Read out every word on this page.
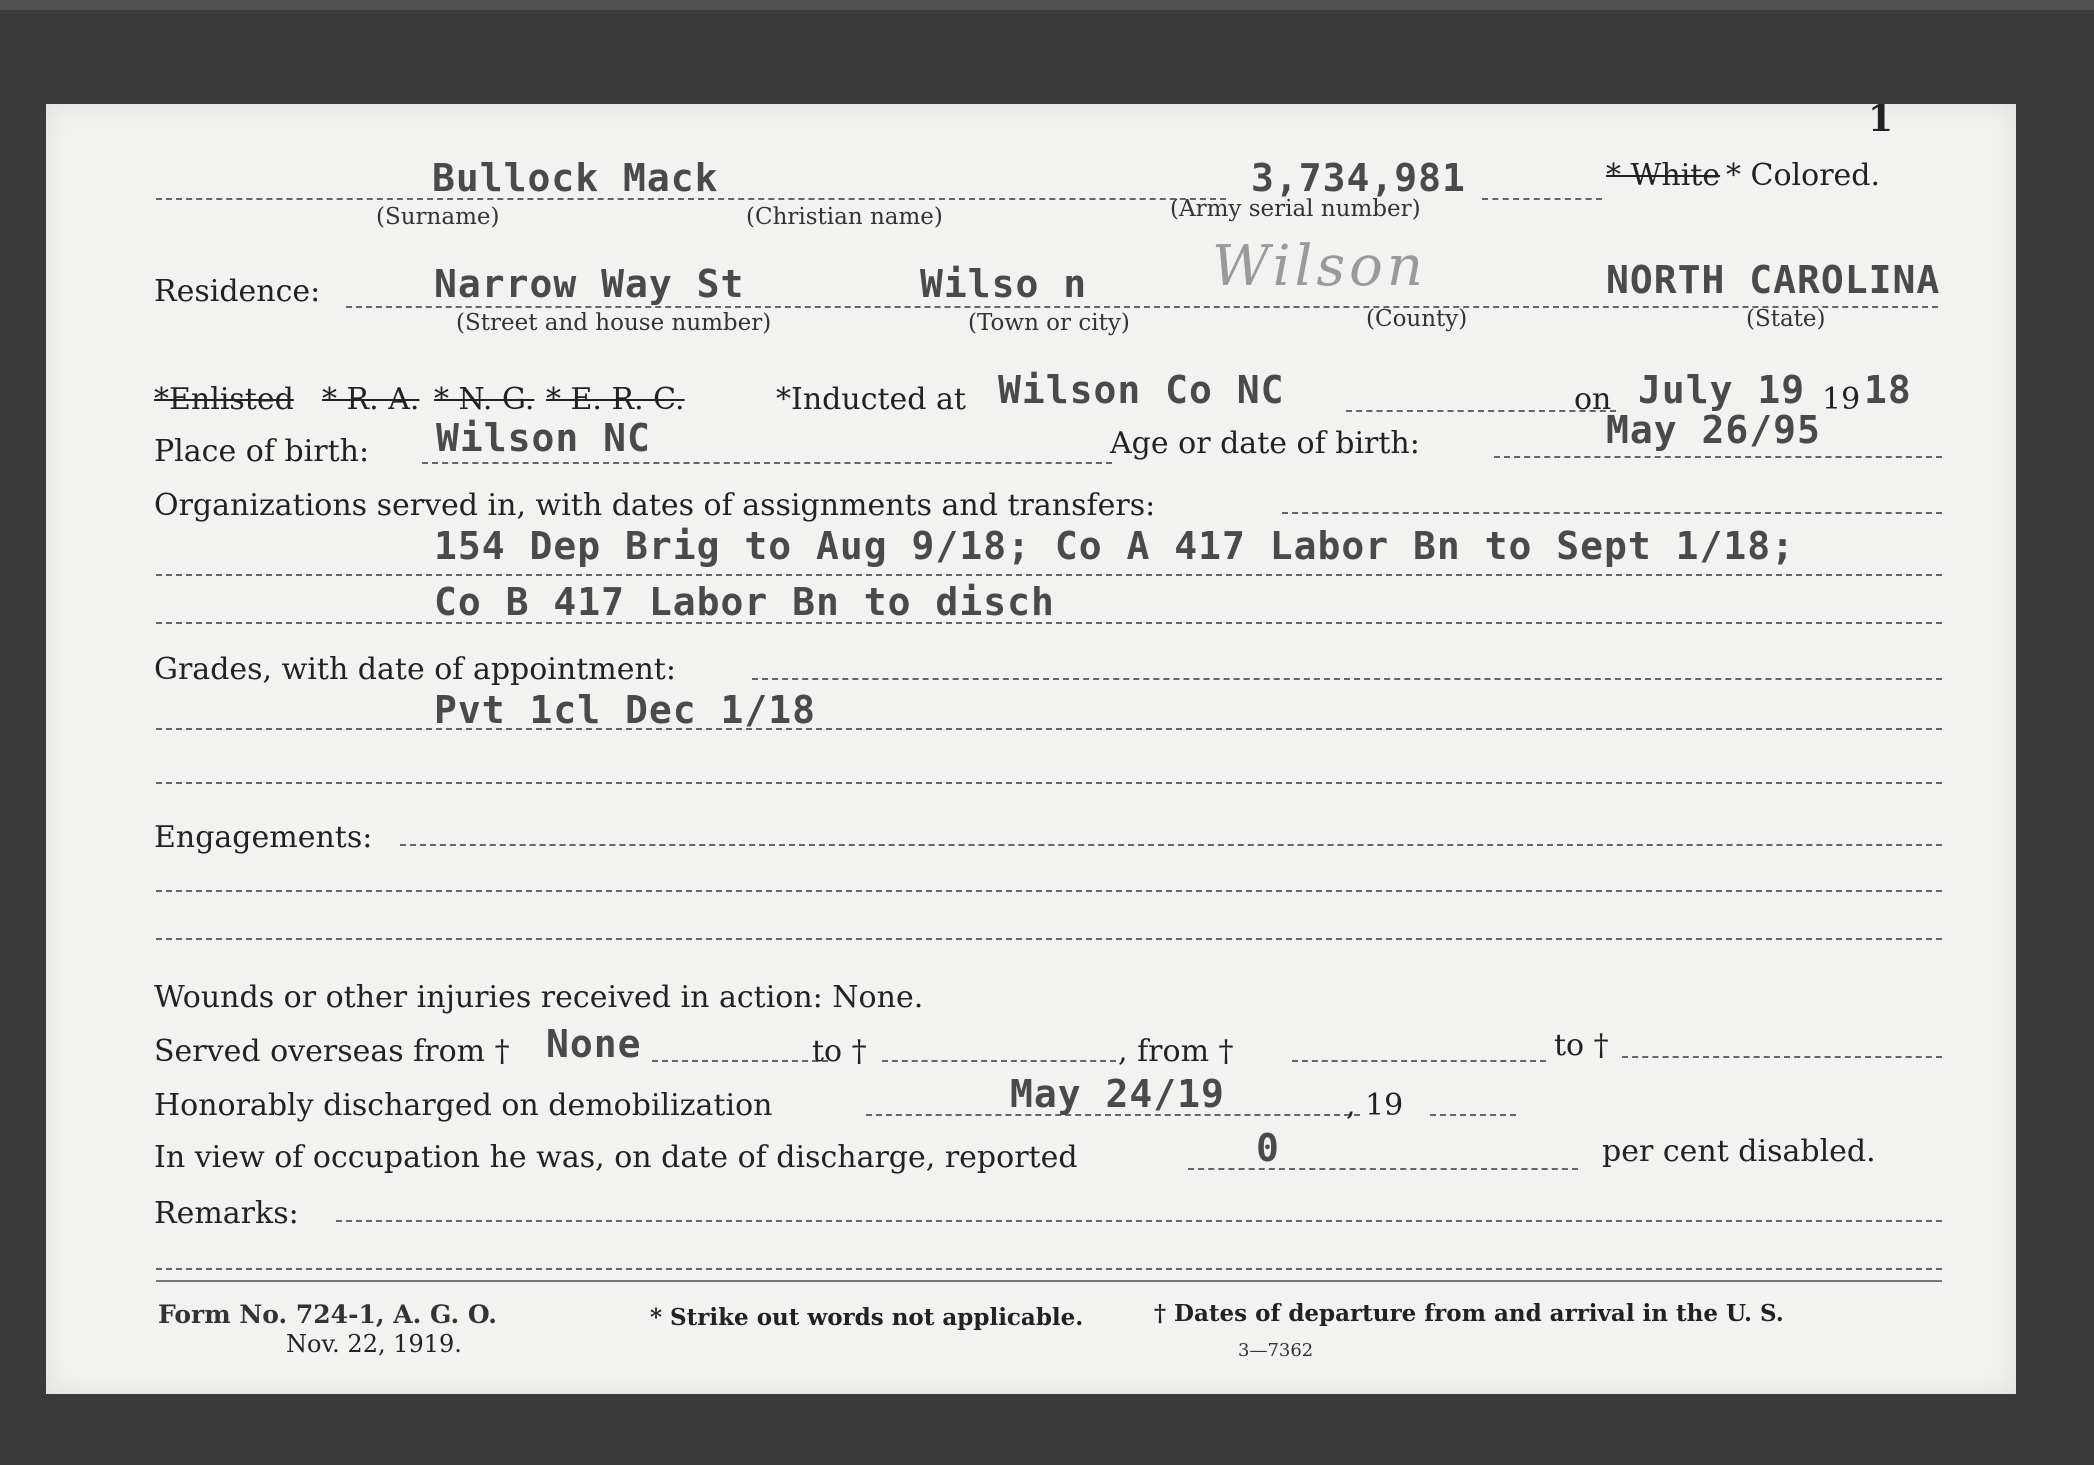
1
Bullock Mack
(Surname)	(Christian name)
3,734,981
(Army serial number)
* White * Colored.
Residence:	Narrow Way St
(Street and house number)
Wilso n
(Town or city)
Wilson
(County)
NORTH CAROLINA
(State)
*Enlisted * R. A. * N. G. * E. R. C.	*Inducted at Wilson Co NC	on July 19 19 18
Place of birth: Wilson NC	Age or date of birth:	May 26/95
Organizations served in, with dates of assignments and transfers:
154 Dep Brig to Aug 9/18; Co A 417 Labor Bn to Sept 1/18;
Co B 417 Labor Bn to disch
Grades, with date of appointment:
Pvt 1cl Dec 1/18
Engagements:
Wounds or other injuries received in action: None.
Served overseas from † None	to †	, from †	to †
Honorably discharged on demobilization	May 24/19	, 19
In view of occupation he was, on date of discharge, reported	0	per cent disabled.
Remarks:
Form No. 724-1, A. G. O.
Nov. 22, 1919.
* Strike out words not applicable.	† Dates of departure from and arrival in the U. S.
3—7362
